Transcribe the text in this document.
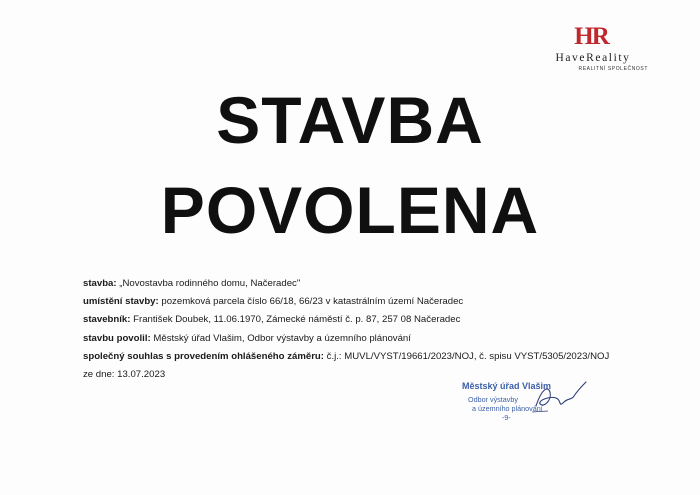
HR
HaveReality
REALITNÍ SPOLEČNOST
STAVBA
POVOLENA
stavba: „Novostavba rodinného domu, Načeradec"
umístění stavby: pozemková parcela číslo 66/18, 66/23 v katastrálním území Načeradec
stavebník: František Doubek, 11.06.1970, Zámecké náměstí č. p. 87, 257 08 Načeradec
stavbu povolil: Městský úřad Vlašim, Odbor výstavby a územního plánování
společný souhlas s provedením ohlášeného záměru: č.j.: MUVL/VYST/19661/2023/NOJ, č. spisu VYST/5305/2023/NOJ
ze dne: 13.07.2023
Městský úřad Vlašim
Odbor výstavby
a územního plánování
-9-
